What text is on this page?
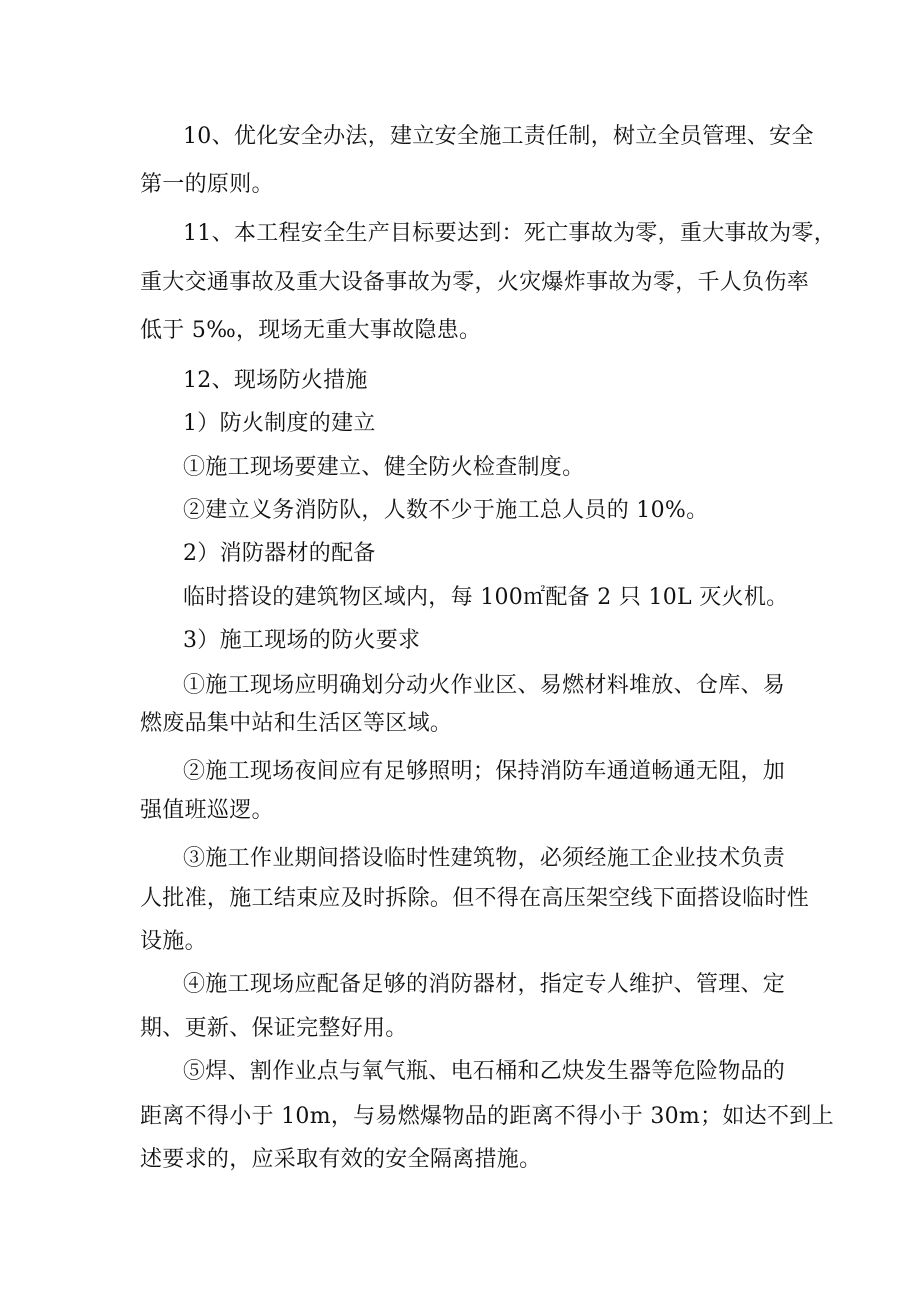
10、优化安全办法，建立安全施工责任制，树立全员管理、安全
第一的原则。
11、本工程安全生产目标要达到：死亡事故为零，重大事故为零，
重大交通事故及重大设备事故为零，火灾爆炸事故为零，千人负伤率
低于 5‰，现场无重大事故隐患。
12、现场防火措施
1）防火制度的建立
①施工现场要建立、健全防火检查制度。
②建立义务消防队，人数不少于施工总人员的 10%。
2）消防器材的配备
临时搭设的建筑物区域内，每 100㎡配备 2 只 10L 灭火机。
3）施工现场的防火要求
①施工现场应明确划分动火作业区、易燃材料堆放、仓库、易
燃废品集中站和生活区等区域。
②施工现场夜间应有足够照明；保持消防车通道畅通无阻，加
强值班巡逻。
③施工作业期间搭设临时性建筑物，必须经施工企业技术负责
人批准，施工结束应及时拆除。但不得在高压架空线下面搭设临时性
设施。
④施工现场应配备足够的消防器材，指定专人维护、管理、定
期、更新、保证完整好用。
⑤焊、割作业点与氧气瓶、电石桶和乙炔发生器等危险物品的
距离不得小于 10m，与易燃爆物品的距离不得小于 30m；如达不到上
述要求的，应采取有效的安全隔离措施。
